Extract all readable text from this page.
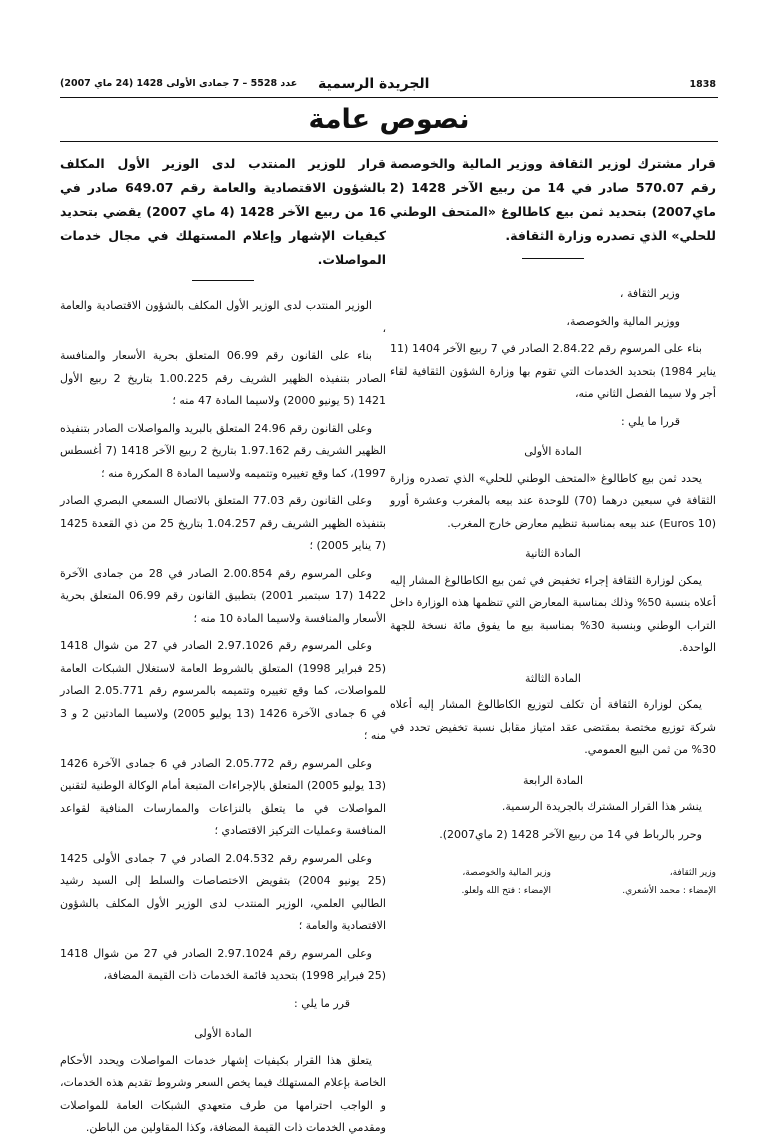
عدد 5528 – 7 جمادى الأولى 1428 (24 ماي 2007) الجريدة الرسمية	1838
نصوص عامة
قرار مشترك لوزير الثقافة ووزير المالية والخوصصة رقم 570.07 صادر في 14 من ربيع الآخر 1428 (2 ماي2007) بتحديد ثمن بيع كاطالوغ «المتحف الوطني للحلي» الذي تصدره وزارة الثقافة.

وزير الثقافة ،

ووزير المالية والخوصصة،

بناء على المرسوم رقم 2.84.22 الصادر في 7 ربيع الآخر 1404 (11 يناير 1984) بتحديد الخدمات التي تقوم بها وزارة الشؤون الثقافية لقاء أجر ولا سيما الفصل الثاني منه،

قررا ما يلي :

المادة الأولى

يحدد ثمن بيع كاطالوغ «المتحف الوطني للحلي» الذي تصدره وزارة الثقافة في سبعين درهما (70) للوحدة عند بيعه بالمغرب وعشرة أورو (Euros 10) عند بيعه بمناسبة تنظيم معارض خارج المغرب.

المادة الثانية

يمكن لوزارة الثقافة إجراء تخفيض في ثمن بيع الكاطالوغ المشار إليه أعلاه بنسبة 50% وذلك بمناسبة المعارض التي تنظمها هذه الوزارة داخل التراب الوطني وبنسبة 30% بمناسبة بيع ما يفوق مائة نسخة للجهة الواحدة.

المادة الثالثة

يمكن لوزارة الثقافة أن تكلف لتوزيع الكاطالوغ المشار إليه أعلاه شركة توزيع مختصة بمقتضى عقد امتياز مقابل نسبة تخفيض تحدد في 30% من ثمن البيع العمومي.

المادة الرابعة

ينشر هذا القرار المشترك بالجريدة الرسمية.

وحرر بالرباط في 14 من ربيع الآخر 1428 (2 ماي2007).

وزير الثقافة،
الإمضاء : محمد الأشعري.
وزير المالية والخوصصة،
الإمضاء : فتح الله ولعلو.
قرار للوزير المنتدب لدى الوزير الأول المكلف بالشؤون الاقتصادية والعامة رقم 649.07 صادر في 16 من ربيع الآخر 1428 (4 ماي 2007) يقضي بتحديد كيفيات الإشهار وإعلام المستهلك في مجال خدمات المواصلات.

الوزير المنتدب لدى الوزير الأول المكلف بالشؤون الاقتصادية والعامة ،

بناء على القانون رقم 06.99 المتعلق بحرية الأسعار والمنافسة الصادر بتنفيذه الظهير الشريف رقم 1.00.225 بتاريخ 2 ربيع الأول 1421 (5 يونيو 2000) ولاسيما المادة 47 منه ؛

وعلى القانون رقم 24.96 المتعلق بالبريد والمواصلات الصادر بتنفيذه الظهير الشريف رقم 1.97.162 بتاريخ 2 ربيع الآخر 1418 (7 أغسطس 1997)، كما وقع تغييره وتتميمه ولاسيما المادة 8 المكررة منه ؛

وعلى القانون رقم 77.03 المتعلق بالاتصال السمعي البصري الصادر بتنفيذه الظهير الشريف رقم 1.04.257 بتاريخ 25 من ذي القعدة 1425 (7 يناير 2005) ؛

وعلى المرسوم رقم 2.00.854 الصادر في 28 من جمادى الآخرة 1422 (17 سبتمبر 2001) بتطبيق القانون رقم 06.99 المتعلق بحرية الأسعار والمنافسة ولاسيما المادة 10 منه ؛

وعلى المرسوم رقم 2.97.1026 الصادر في 27 من شوال 1418 (25 فبراير 1998) المتعلق بالشروط العامة لاستغلال الشبكات العامة للمواصلات، كما وقع تغييره وتتميمه بالمرسوم رقم 2.05.771 الصادر في 6 جمادى الآخرة 1426 (13 يوليو 2005) ولاسيما المادتين 2 و 3 منه ؛

وعلى المرسوم رقم 2.05.772 الصادر في 6 جمادى الآخرة 1426 (13 يوليو 2005) المتعلق بالإجراءات المتبعة أمام الوكالة الوطنية لتقنين المواصلات في ما يتعلق بالنزاعات والممارسات المنافية لقواعد المنافسة وعمليات التركيز الاقتصادي ؛

وعلى المرسوم رقم 2.04.532 الصادر في 7 جمادى الأولى 1425 (25 يونيو 2004) بتفويض الاختصاصات والسلط إلى السيد رشيد الطالبي العلمي، الوزير المنتدب لدى الوزير الأول المكلف بالشؤون الاقتصادية والعامة ؛

وعلى المرسوم رقم 2.97.1024 الصادر في 27 من شوال 1418 (25 فبراير 1998) بتحديد قائمة الخدمات ذات القيمة المضافة،

قرر ما يلي :

المادة الأولى

يتعلق هذا القرار بكيفيات إشهار خدمات المواصلات ويحدد الأحكام الخاصة بإعلام المستهلك فيما يخص السعر وشروط تقديم هذه الخدمات، و الواجب احترامها من طرف متعهدي الشبكات العامة للمواصلات ومقدمي الخدمات ذات القيمة المضافة، وكذا المقاولين من الباطن.
